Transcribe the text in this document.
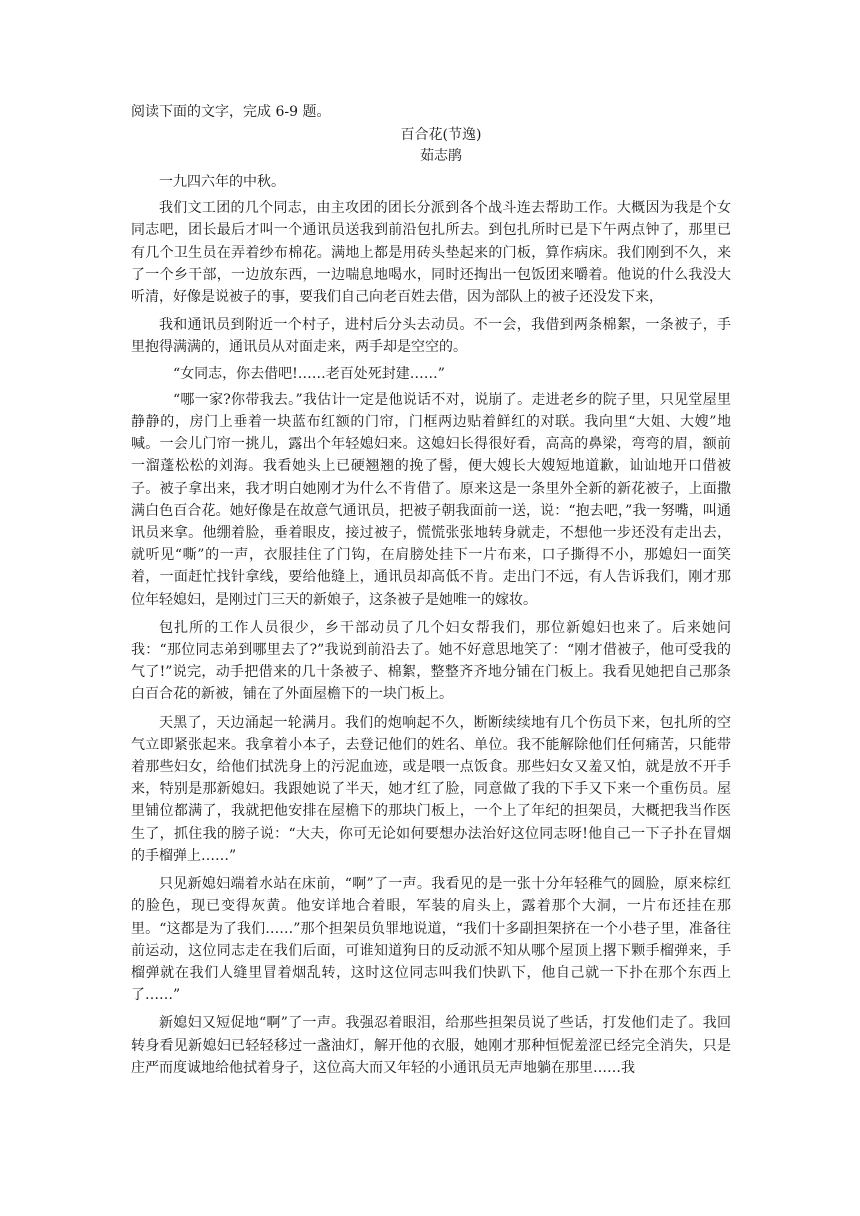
阅读下面的文字，完成 6-9 题。

百合花(节逸)

茹志鹃

一九四六年的中秋。

我们文工团的几个同志，由主攻团的团长分派到各个战斗连去帮助工作。大概因为我是个女同志吧，团长最后才叫一个通讯员送我到前沿包扎所去。到包扎所时已是下午两点钟了，那里已有几个卫生员在弄着纱布棉花。满地上都是用砖头垫起来的门板，算作病床。我们刚到不久，来了一个乡干部，一边放东西，一边喘息地喝水，同时还掏出一包饭团来嚼着。他说的什么我没大听清，好像是说被子的事，要我们自己向老百姓去借，因为部队上的被子还没发下来，

我和通讯员到附近一个村子，进村后分头去动员。不一会，我借到两条棉絮，一条被子，手里抱得满满的，通讯员从对面走来，两手却是空空的。

“女同志，你去借吧!……老百处死封建……”

“哪一家?你带我去。”我估计一定是他说话不对，说崩了。走进老乡的院子里，只见堂屋里静静的，房门上垂着一块蓝布红额的门帘，门框两边贴着鲜红的对联。我向里“大姐、大嫂”地喊。一会儿门帘一挑儿，露出个年轻媳妇来。这媳妇长得很好看，高高的鼻梁，弯弯的眉，额前一溜蓬松松的刘海。我看她头上已硬翘翘的挽了髻，便大嫂长大嫂短地道歉，讪讪地开口借被子。被子拿出来，我才明白她刚才为什么不肯借了。原来这是一条里外全新的新花被子，上面撒满白色百合花。她好像是在故意气通讯员，把被子朝我面前一送，说：“抱去吧，”我一努嘴，叫通讯员来拿。他绷着脸，垂着眼皮，接过被子，慌慌张张地转身就走，不想他一步还没有走出去，就听见“嘶”的一声，衣服挂住了门钩，在肩膀处挂下一片布来，口子撕得不小，那媳妇一面笑着，一面赶忙找针拿线，要给他缝上，通讯员却高低不肯。走出门不远，有人告诉我们，刚才那位年轻媳妇，是刚过门三天的新娘子，这条被子是她唯一的嫁妆。

包扎所的工作人员很少，乡干部动员了几个妇女帮我们，那位新媳妇也来了。后来她问我：“那位同志弟到哪里去了?”我说到前沿去了。她不好意思地笑了：“刚才借被子，他可受我的气了!”说完，动手把借来的几十条被子、棉絮，整整齐齐地分铺在门板上。我看见她把自己那条白百合花的新被，铺在了外面屋檐下的一块门板上。

天黑了，天边涌起一轮满月。我们的炮响起不久，断断续续地有几个伤员下来，包扎所的空气立即紧张起来。我拿着小本子，去登记他们的姓名、单位。我不能解除他们任何痛苦，只能带着那些妇女，给他们拭洗身上的污泥血迹，或是喂一点饭食。那些妇女又羞又怕，就是放不开手来，特别是那新媳妇。我跟她说了半天，她才红了脸，同意做了我的下手又下来一个重伤员。屋里铺位都满了，我就把他安排在屋檐下的那块门板上，一个上了年纪的担架员，大概把我当作医生了，抓住我的膀子说：“大夫，你可无论如何要想办法治好这位同志呀!他自己一下子扑在冒烟的手榴弹上……”

只见新媳妇端着水站在床前，“啊”了一声。我看见的是一张十分年轻稚气的圆脸，原来棕红的脸色，现已变得灰黄。他安详地合着眼，军装的肩头上，露着那个大洞，一片布还挂在那里。“这都是为了我们……”那个担架员负罪地说道，“我们十多副担架挤在一个小巷子里，准备往前运动，这位同志走在我们后面，可谁知道狗日的反动派不知从哪个屋顶上撂下颗手榴弹来，手榴弹就在我们人缝里冒着烟乱转，这时这位同志叫我们快趴下，他自己就一下扑在那个东西上了……”

新媳妇又短促地“啊”了一声。我强忍着眼泪，给那些担架员说了些话，打发他们走了。我回转身看见新媳妇已轻轻移过一盏油灯，解开他的衣服，她刚才那种恒怩羞涩已经完全消失，只是庄严而度诚地给他拭着身子，这位高大而又年轻的小通讯员无声地躺在那里……我
